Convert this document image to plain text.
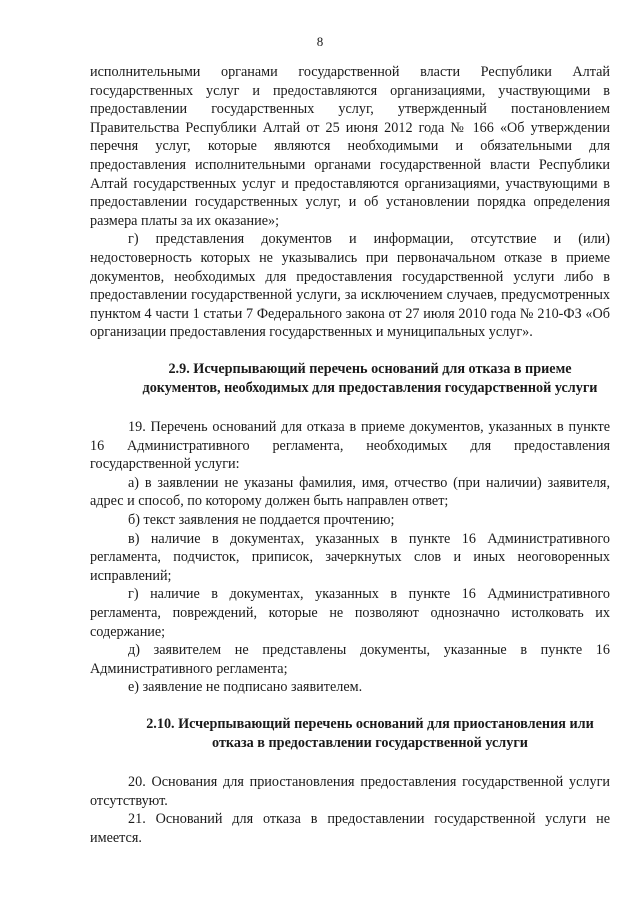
8

исполнительными органами государственной власти Республики Алтай государственных услуг и предоставляются организациями, участвующими в предоставлении государственных услуг, утвержденный постановлением Правительства Республики Алтай от 25 июня 2012 года № 166 «Об утверждении перечня услуг, которые являются необходимыми и обязательными для предоставления исполнительными органами государственной власти Республики Алтай государственных услуг и предоставляются организациями, участвующими в предоставлении государственных услуг, и об установлении порядка определения размера платы за их оказание»;

г) представления документов и информации, отсутствие и (или) недостоверность которых не указывались при первоначальном отказе в приеме документов, необходимых для предоставления государственной услуги либо в предоставлении государственной услуги, за исключением случаев, предусмотренных пунктом 4 части 1 статьи 7 Федерального закона от 27 июля 2010 года № 210-ФЗ «Об организации предоставления государственных и муниципальных услуг».

2.9. Исчерпывающий перечень оснований для отказа в приеме документов, необходимых для предоставления государственной услуги

19. Перечень оснований для отказа в приеме документов, указанных в пункте 16 Административного регламента, необходимых для предоставления государственной услуги:

а) в заявлении не указаны фамилия, имя, отчество (при наличии) заявителя, адрес и способ, по которому должен быть направлен ответ;

б) текст заявления не поддается прочтению;

в) наличие в документах, указанных в пункте 16 Административного регламента, подчисток, приписок, зачеркнутых слов и иных неоговоренных исправлений;

г) наличие в документах, указанных в пункте 16 Административного регламента, повреждений, которые не позволяют однозначно истолковать их содержание;

д) заявителем не представлены документы, указанные в пункте 16 Административного регламента;

е) заявление не подписано заявителем.

2.10. Исчерпывающий перечень оснований для приостановления или отказа в предоставлении государственной услуги

20. Основания для приостановления предоставления государственной услуги отсутствуют.

21. Оснований для отказа в предоставлении государственной услуги не имеется.
